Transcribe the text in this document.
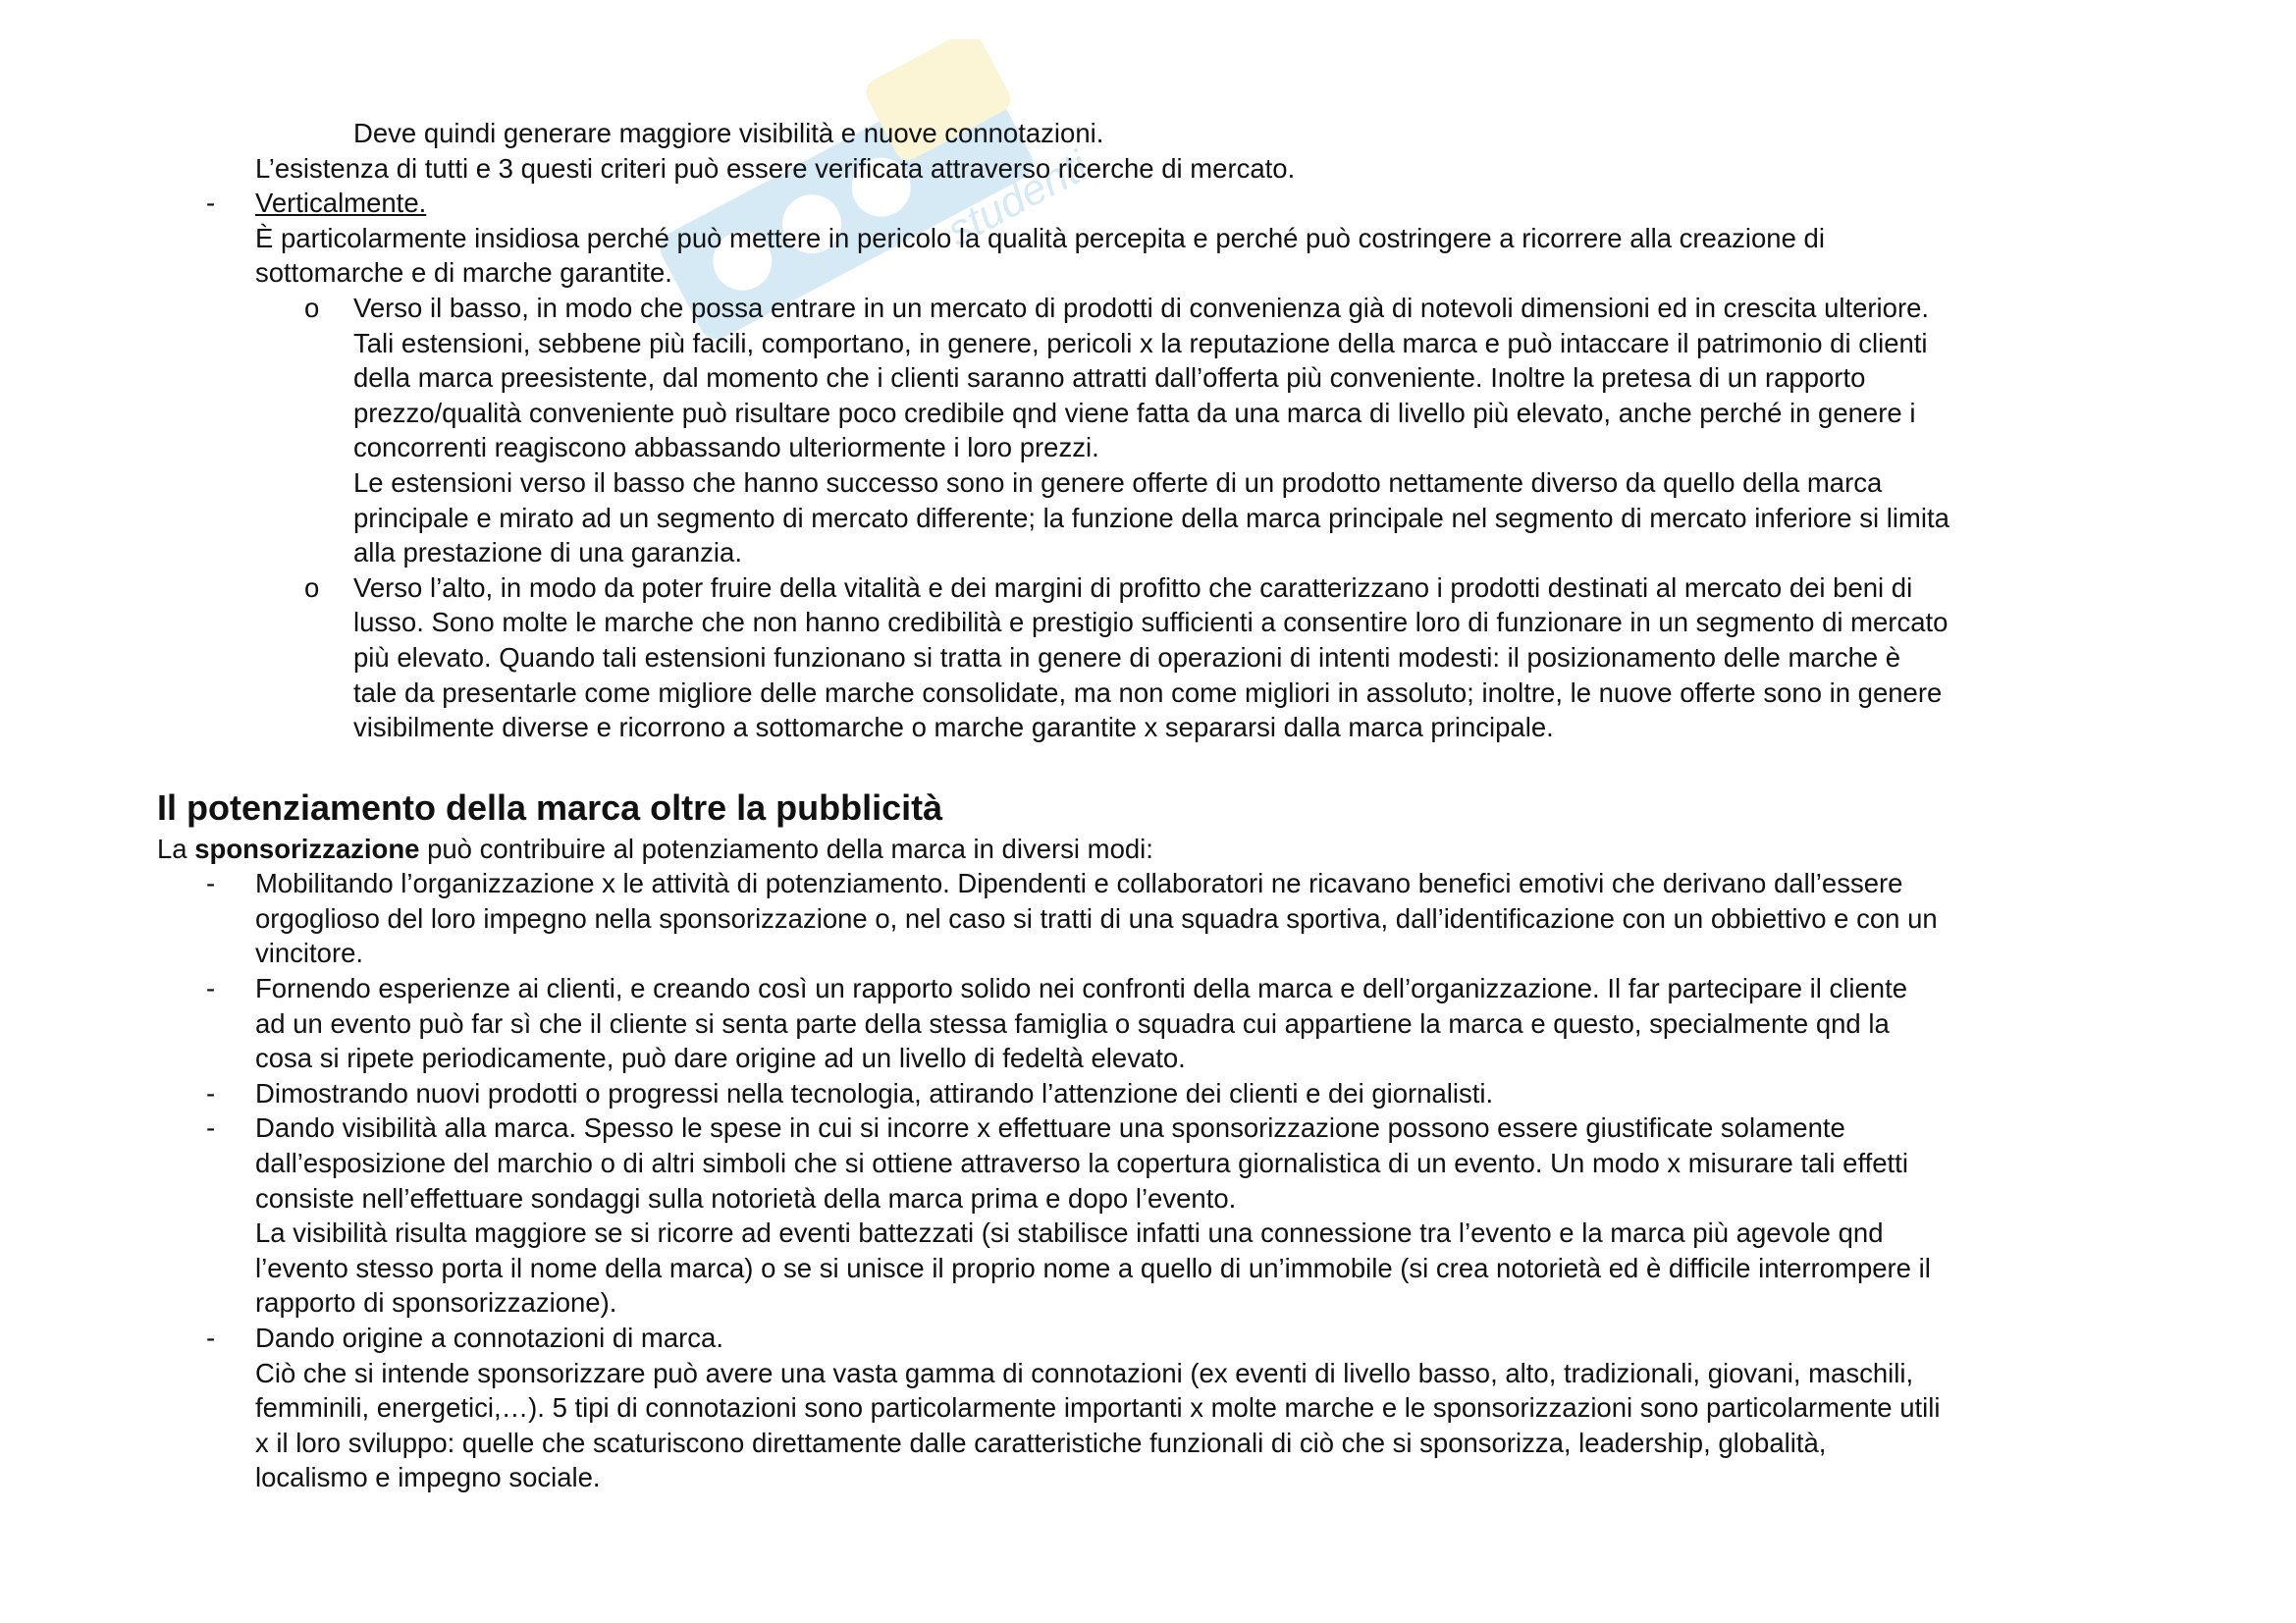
studenti
Deve quindi generare maggiore visibilità e nuove connotazioni.
L’esistenza di tutti e 3 questi criteri può essere verificata attraverso ricerche di mercato.
- Verticalmente.
È particolarmente insidiosa perché può mettere in pericolo la qualità percepita e perché può costringere a ricorrere alla creazione di
sottomarche e di marche garantite.
o Verso il basso, in modo che possa entrare in un mercato di prodotti di convenienza già di notevoli dimensioni ed in crescita ulteriore.
Tali estensioni, sebbene più facili, comportano, in genere, pericoli x la reputazione della marca e può intaccare il patrimonio di clienti
della marca preesistente, dal momento che i clienti saranno attratti dall’offerta più conveniente. Inoltre la pretesa di un rapporto
prezzo/qualità conveniente può risultare poco credibile qnd viene fatta da una marca di livello più elevato, anche perché in genere i
concorrenti reagiscono abbassando ulteriormente i loro prezzi.
Le estensioni verso il basso che hanno successo sono in genere offerte di un prodotto nettamente diverso da quello della marca
principale e mirato ad un segmento di mercato differente; la funzione della marca principale nel segmento di mercato inferiore si limita
alla prestazione di una garanzia.
o Verso l’alto, in modo da poter fruire della vitalità e dei margini di profitto che caratterizzano i prodotti destinati al mercato dei beni di
lusso. Sono molte le marche che non hanno credibilità e prestigio sufficienti a consentire loro di funzionare in un segmento di mercato
più elevato. Quando tali estensioni funzionano si tratta in genere di operazioni di intenti modesti: il posizionamento delle marche è
tale da presentarle come migliore delle marche consolidate, ma non come migliori in assoluto; inoltre, le nuove offerte sono in genere
visibilmente diverse e ricorrono a sottomarche o marche garantite x separarsi dalla marca principale.
Il potenziamento della marca oltre la pubblicità
La sponsorizzazione può contribuire al potenziamento della marca in diversi modi:
- Mobilitando l’organizzazione x le attività di potenziamento. Dipendenti e collaboratori ne ricavano benefici emotivi che derivano dall’essere
orgoglioso del loro impegno nella sponsorizzazione o, nel caso si tratti di una squadra sportiva, dall’identificazione con un obbiettivo e con un
vincitore.
- Fornendo esperienze ai clienti, e creando così un rapporto solido nei confronti della marca e dell’organizzazione. Il far partecipare il cliente
ad un evento può far sì che il cliente si senta parte della stessa famiglia o squadra cui appartiene la marca e questo, specialmente qnd la
cosa si ripete periodicamente, può dare origine ad un livello di fedeltà elevato.
- Dimostrando nuovi prodotti o progressi nella tecnologia, attirando l’attenzione dei clienti e dei giornalisti.
- Dando visibilità alla marca. Spesso le spese in cui si incorre x effettuare una sponsorizzazione possono essere giustificate solamente
dall’esposizione del marchio o di altri simboli che si ottiene attraverso la copertura giornalistica di un evento. Un modo x misurare tali effetti
consiste nell’effettuare sondaggi sulla notorietà della marca prima e dopo l’evento.
La visibilità risulta maggiore se si ricorre ad eventi battezzati (si stabilisce infatti una connessione tra l’evento e la marca più agevole qnd
l’evento stesso porta il nome della marca) o se si unisce il proprio nome a quello di un’immobile (si crea notorietà ed è difficile interrompere il
rapporto di sponsorizzazione).
- Dando origine a connotazioni di marca.
Ciò che si intende sponsorizzare può avere una vasta gamma di connotazioni (ex eventi di livello basso, alto, tradizionali, giovani, maschili,
femminili, energetici,…). 5 tipi di connotazioni sono particolarmente importanti x molte marche e le sponsorizzazioni sono particolarmente utili
x il loro sviluppo: quelle che scaturiscono direttamente dalle caratteristiche funzionali di ciò che si sponsorizza, leadership, globalità,
localismo e impegno sociale.
